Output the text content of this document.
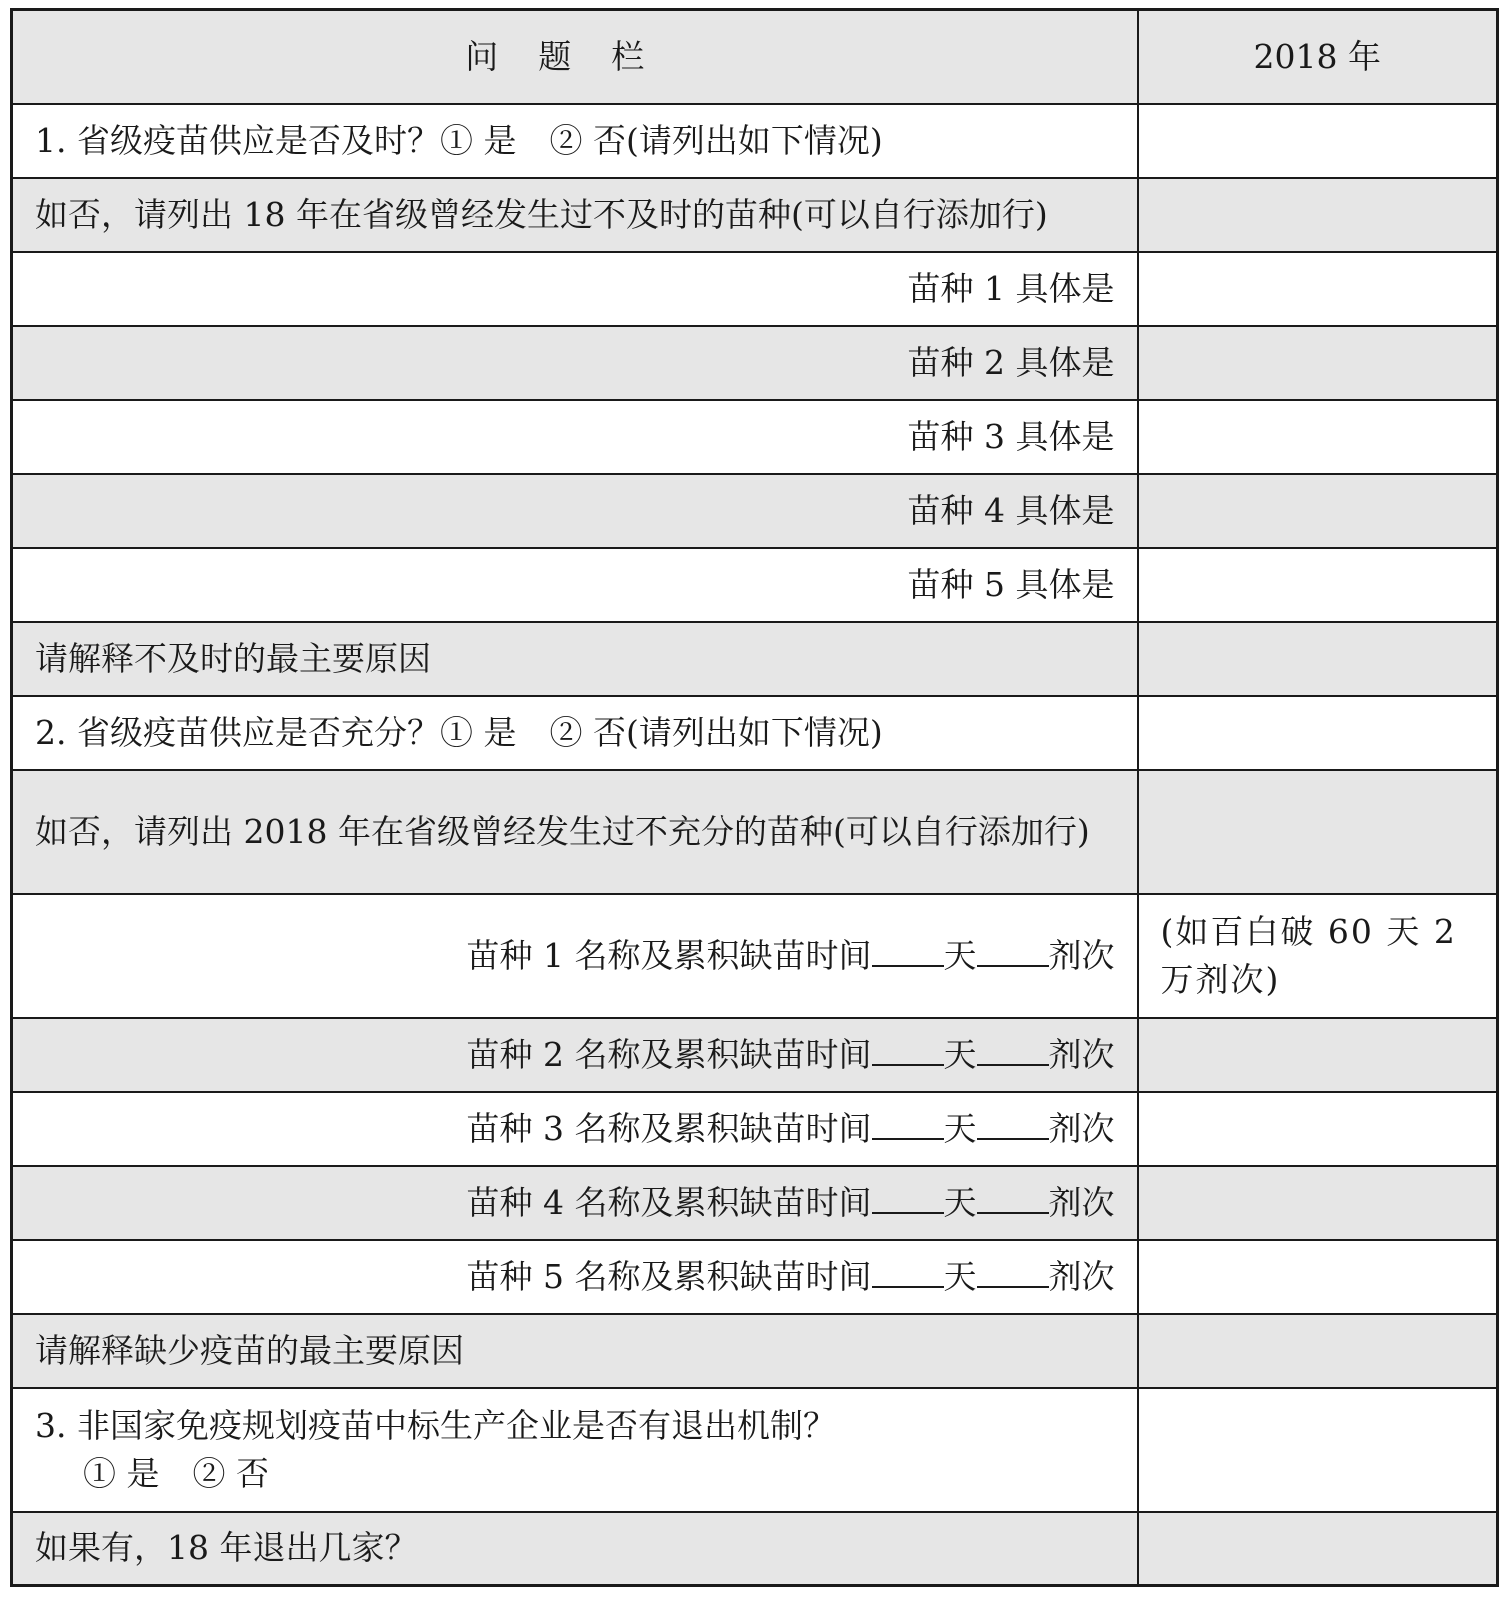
问题栏	2018 年
1. 省级疫苗供应是否及时？① 是　② 否(请列出如下情况)	
如否，请列出 18 年在省级曾经发生过不及时的苗种(可以自行添加行)	
苗种 1 具体是	
苗种 2 具体是	
苗种 3 具体是	
苗种 4 具体是	
苗种 5 具体是	
请解释不及时的最主要原因	
2. 省级疫苗供应是否充分？① 是　② 否(请列出如下情况)	
如否，请列出 2018 年在省级曾经发生过不充分的苗种(可以自行添加行)	
苗种 1 名称及累积缺苗时间 天 剂次	(如百白破 60 天 2 万剂次)
苗种 2 名称及累积缺苗时间 天 剂次	
苗种 3 名称及累积缺苗时间 天 剂次	
苗种 4 名称及累积缺苗时间 天 剂次	
苗种 5 名称及累积缺苗时间 天 剂次	
请解释缺少疫苗的最主要原因	

3. 非国家免疫规划疫苗中标生产企业是否有退出机制？
① 是　② 否	

如果有，18 年退出几家？	
